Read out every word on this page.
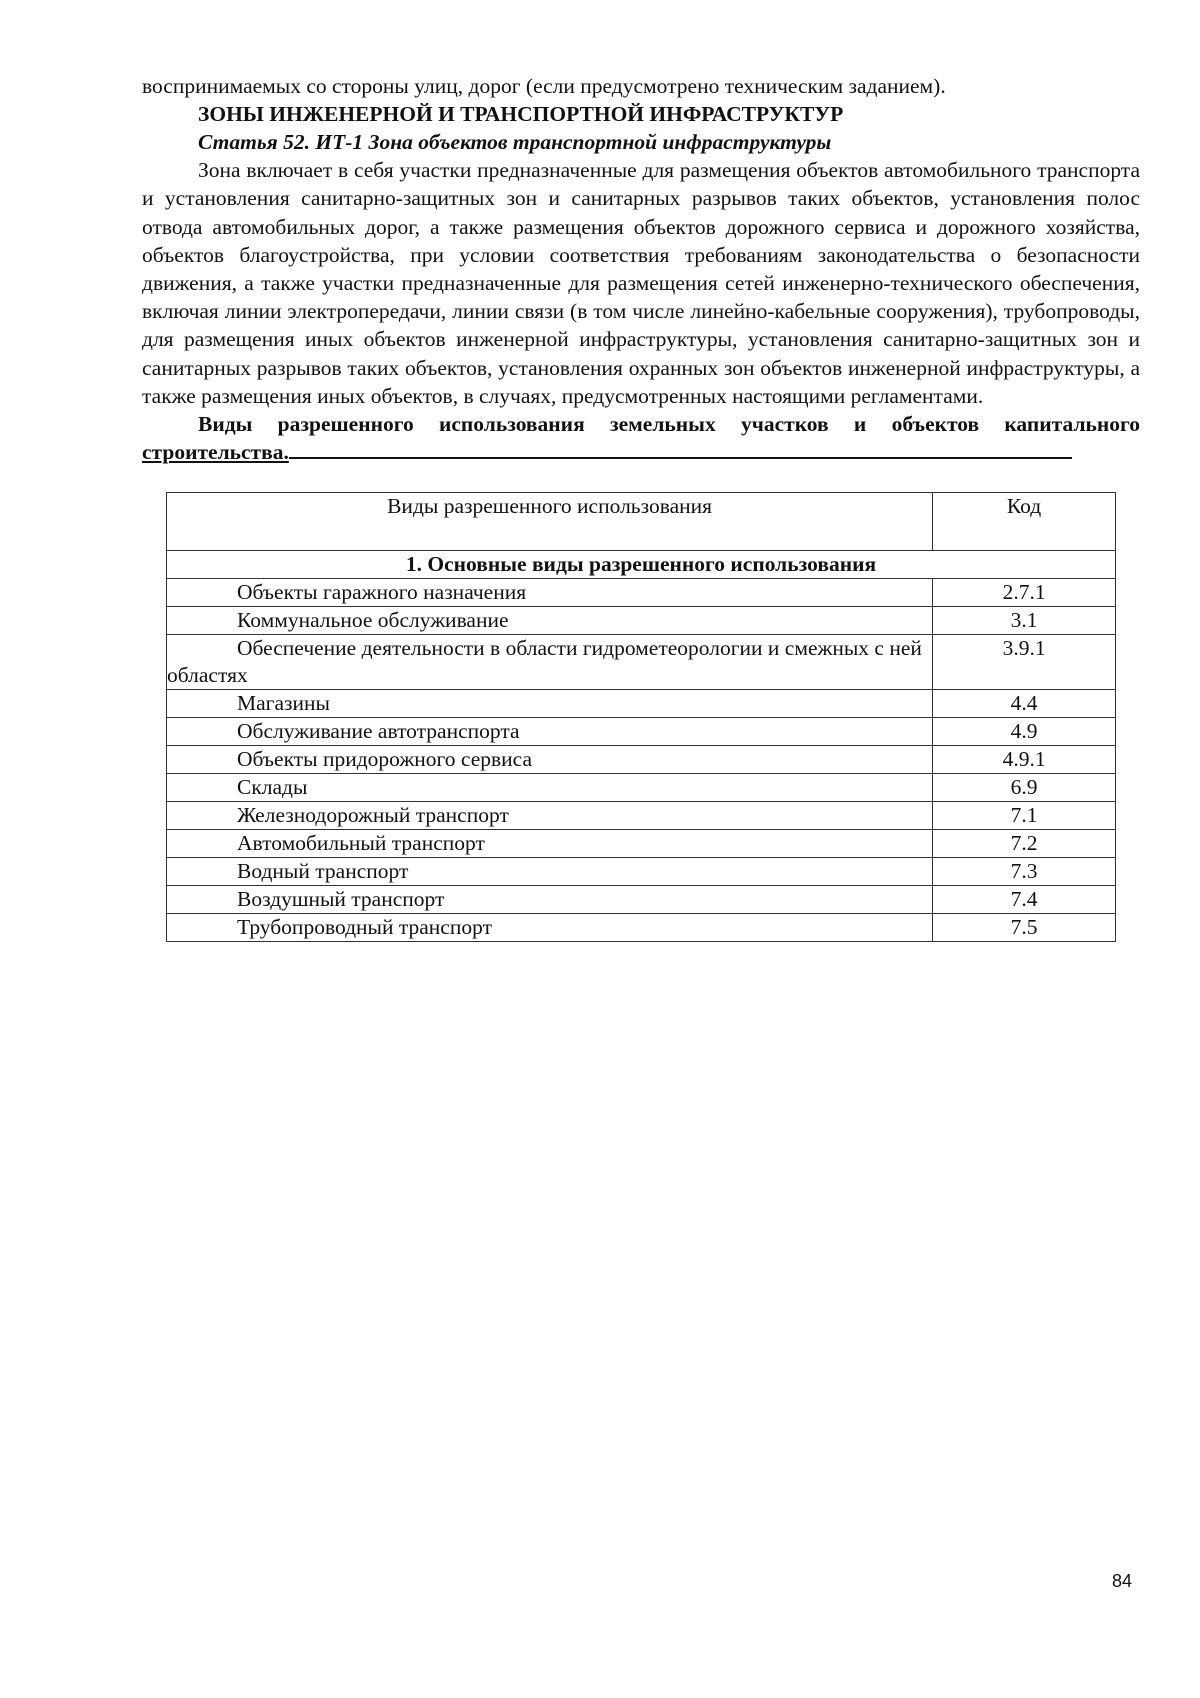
воспринимаемых со стороны улиц, дорог (если предусмотрено техническим заданием).

ЗОНЫ ИНЖЕНЕРНОЙ И ТРАНСПОРТНОЙ ИНФРАСТРУКТУР

Статья 52. ИТ-1 Зона объектов транспортной инфраструктуры

Зона включает в себя участки предназначенные для размещения объектов автомобильного транспорта и установления санитарно-защитных зон и санитарных разрывов таких объектов, установления полос отвода автомобильных дорог, а также размещения объектов дорожного сервиса и дорожного хозяйства, объектов благоустройства, при условии соответствия требованиям законодательства о безопасности движения, а также участки предназначенные для размещения сетей инженерно-технического обеспечения, включая линии электропередачи, линии связи (в том числе линейно-кабельные сооружения), трубопроводы, для размещения иных объектов инженерной инфраструктуры, установления санитарно-защитных зон и санитарных разрывов таких объектов, установления охранных зон объектов инженерной инфраструктуры, а также размещения иных объектов, в случаях, предусмотренных настоящими регламентами.

Виды разрешенного использования земельных участков и объектов капитального строительства.

Виды разрешенного использования	Код
1. Основные виды разрешенного использования	
Объекты гаражного назначения	2.7.1
Коммунальное обслуживание	3.1
Обеспечение деятельности в области гидрометеорологии и смежных с ней областях	3.9.1
Магазины	4.4
Обслуживание автотранспорта	4.9
Объекты придорожного сервиса	4.9.1
Склады	6.9
Железнодорожный транспорт	7.1
Автомобильный транспорт	7.2
Водный транспорт	7.3
Воздушный транспорт	7.4
Трубопроводный транспорт	7.5
84
